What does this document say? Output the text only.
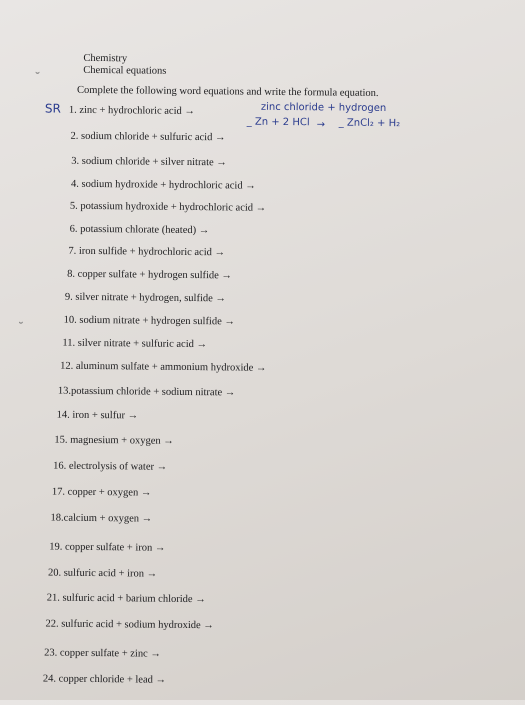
Chemistry
Chemical equations
Complete the following word equations and write the formula equation.
SR	zinc chloride + hydrogen
_ Zn + 2 HCl → _ ZnCl₂ + H₂
˘
˘
1. zinc + hydrochloric acid →
2. sodium chloride + sulfuric acid →
3. sodium chloride + silver nitrate →
4. sodium hydroxide + hydrochloric acid →
5. potassium hydroxide + hydrochloric acid →
6. potassium chlorate (heated) →
7. iron sulfide + hydrochloric acid →
8. copper sulfate + hydrogen sulfide →
9. silver nitrate + hydrogen, sulfide →
10. sodium nitrate + hydrogen sulfide →
11. silver nitrate + sulfuric acid →
12. aluminum sulfate + ammonium hydroxide →
13.potassium chloride + sodium nitrate →
14. iron + sulfur →
15. magnesium + oxygen →
16. electrolysis of water →
17. copper + oxygen →
18.calcium + oxygen →
19. copper sulfate + iron →
20. sulfuric acid + iron →
21. sulfuric acid + barium chloride →
22. sulfuric acid + sodium hydroxide →
23. copper sulfate + zinc →
24. copper chloride + lead →
